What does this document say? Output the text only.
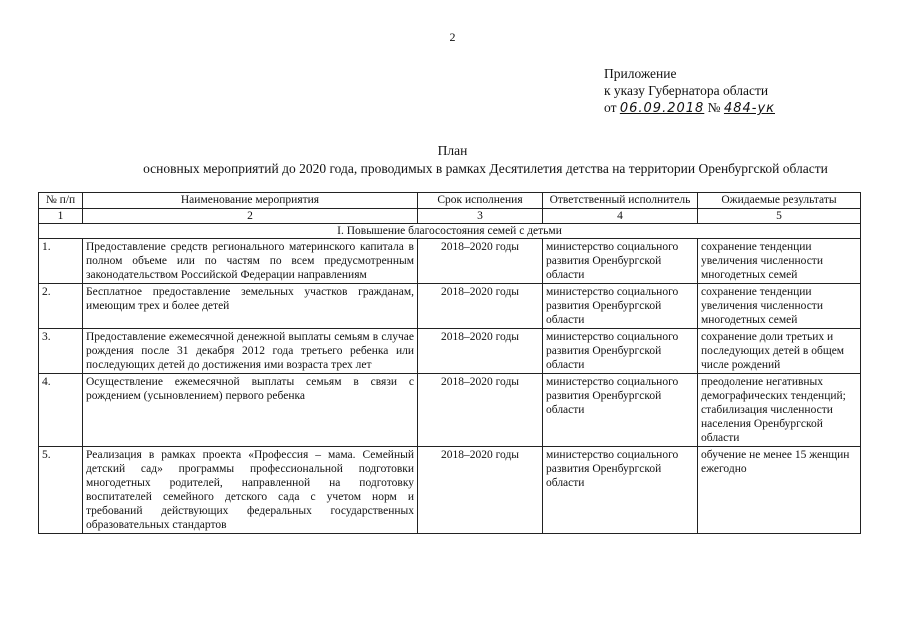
2
Приложение
к указу Губернатора области
от 06.09.2018 № 484-ук
План
основных мероприятий до 2020 года, проводимых в рамках Десятилетия детства на территории Оренбургской области
№ п/п	Наименование мероприятия	Срок исполнения	Ответственный исполнитель	Ожидаемые результаты
1	2	3	4	5
I. Повышение благосостояния семей с детьми				
1.	Предоставление средств регионального материнского капитала в полном объеме или по частям по всем предусмотренным законодательством Российской Федерации направлениям	2018–2020 годы	министерство социального развития Оренбургской области	сохранение тенденции увеличения численности многодетных семей
2.	Бесплатное предоставление земельных участков гражданам, имеющим трех и более детей	2018–2020 годы	министерство социального развития Оренбургской области	сохранение тенденции увеличения численности многодетных семей
3.	Предоставление ежемесячной денежной выплаты семьям в случае рождения после 31 декабря 2012 года третьего ребенка или последующих детей до достижения ими возраста трех лет	2018–2020 годы	министерство социального развития Оренбургской области	сохранение доли третьих и последующих детей в общем числе рождений
4.	Осуществление ежемесячной выплаты семьям в связи с рождением (усыновлением) первого ребенка	2018–2020 годы	министерство социального развития Оренбургской области	преодоление негативных демографических тенденций; стабилизация численности населения Оренбургской области
5.	Реализация в рамках проекта «Профессия – мама. Семейный детский сад» программы профессиональной подготовки многодетных родителей, направленной на подготовку воспитателей семейного детского сада с учетом норм и требований действующих федеральных государственных образовательных стандартов	2018–2020 годы	министерство социального развития Оренбургской области	обучение не менее 15 женщин ежегодно
